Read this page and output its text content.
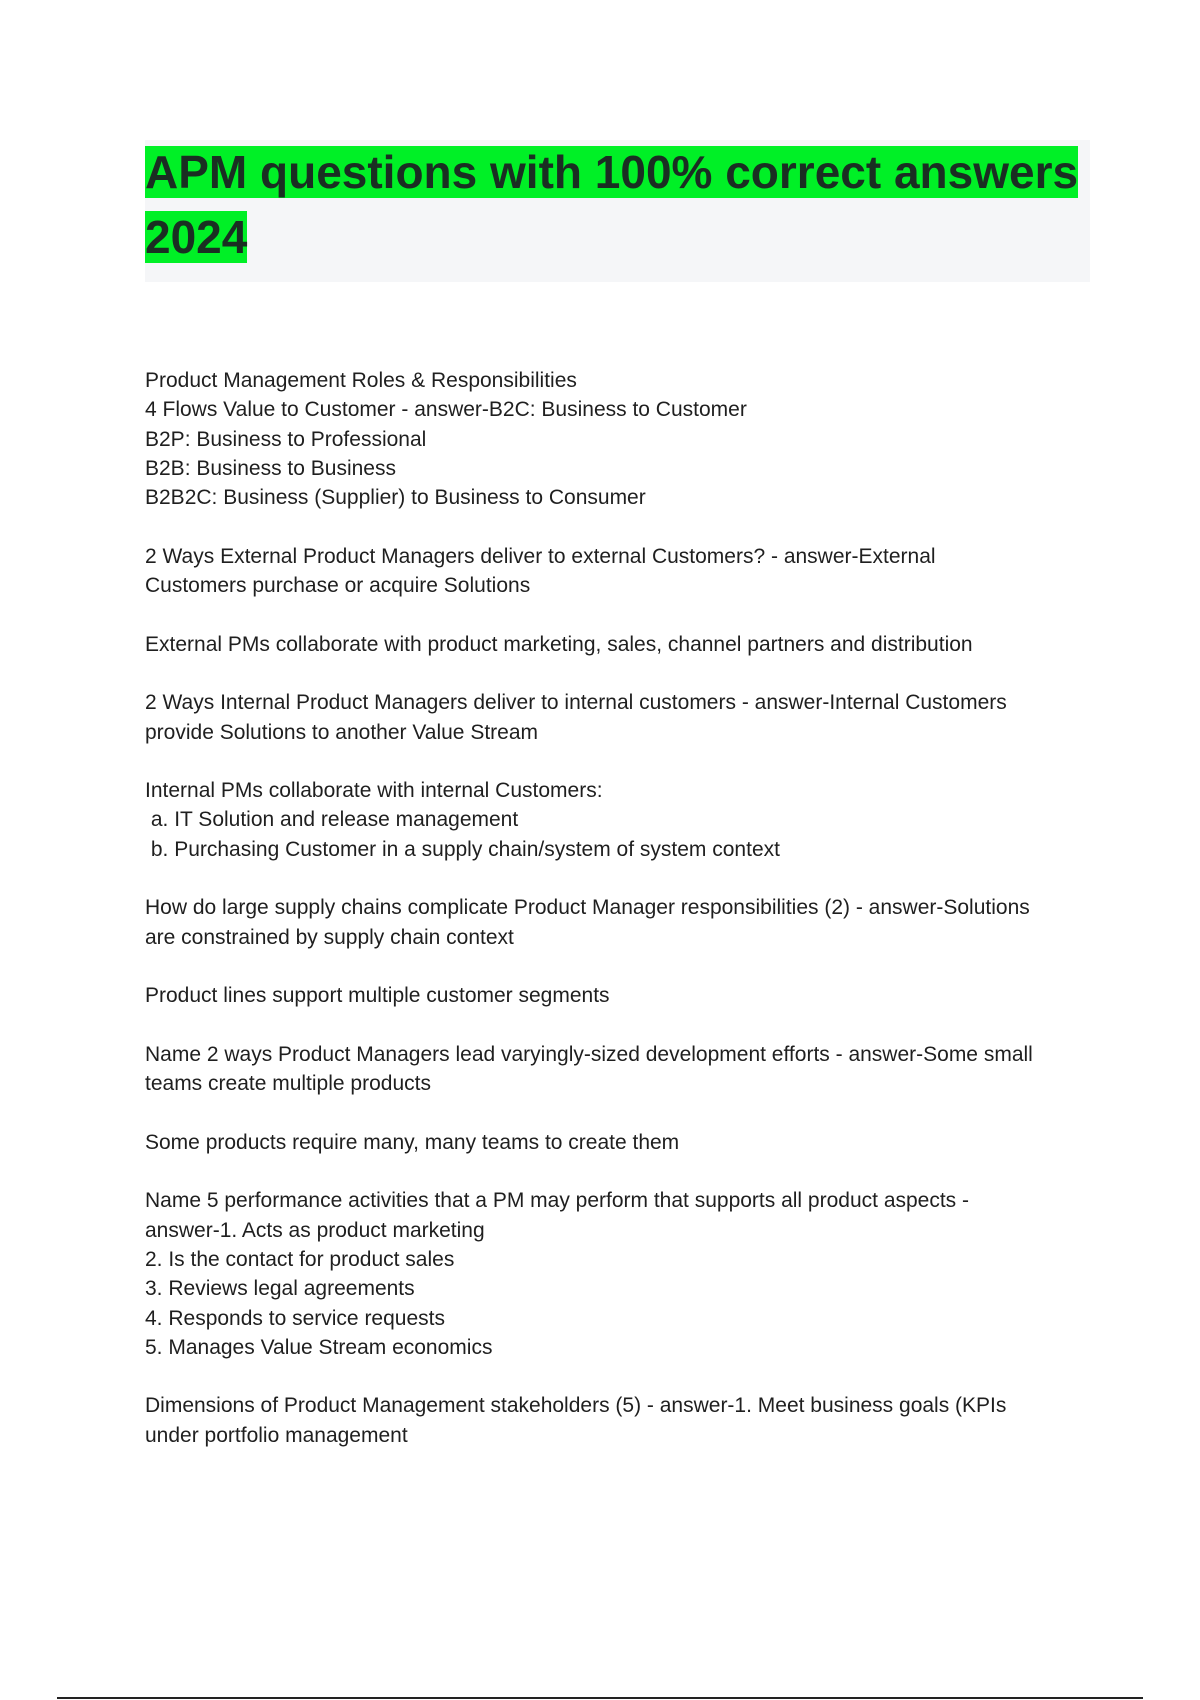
APM questions with 100% correct answers 2024

Product Management Roles & Responsibilities
4 Flows Value to Customer - answer-B2C: Business to Customer
B2P: Business to Professional
B2B: Business to Business
B2B2C: Business (Supplier) to Business to Consumer

2 Ways External Product Managers deliver to external Customers? - answer-External
Customers purchase or acquire Solutions

External PMs collaborate with product marketing, sales, channel partners and distribution

2 Ways Internal Product Managers deliver to internal customers - answer-Internal Customers
provide Solutions to another Value Stream

Internal PMs collaborate with internal Customers:
a. IT Solution and release management
b. Purchasing Customer in a supply chain/system of system context

How do large supply chains complicate Product Manager responsibilities (2) - answer-Solutions
are constrained by supply chain context

Product lines support multiple customer segments

Name 2 ways Product Managers lead varyingly-sized development efforts - answer-Some small
teams create multiple products

Some products require many, many teams to create them

Name 5 performance activities that a PM may perform that supports all product aspects -
answer-1. Acts as product marketing
2. Is the contact for product sales
3. Reviews legal agreements
4. Responds to service requests
5. Manages Value Stream economics

Dimensions of Product Management stakeholders (5) - answer-1. Meet business goals (KPIs
under portfolio management
